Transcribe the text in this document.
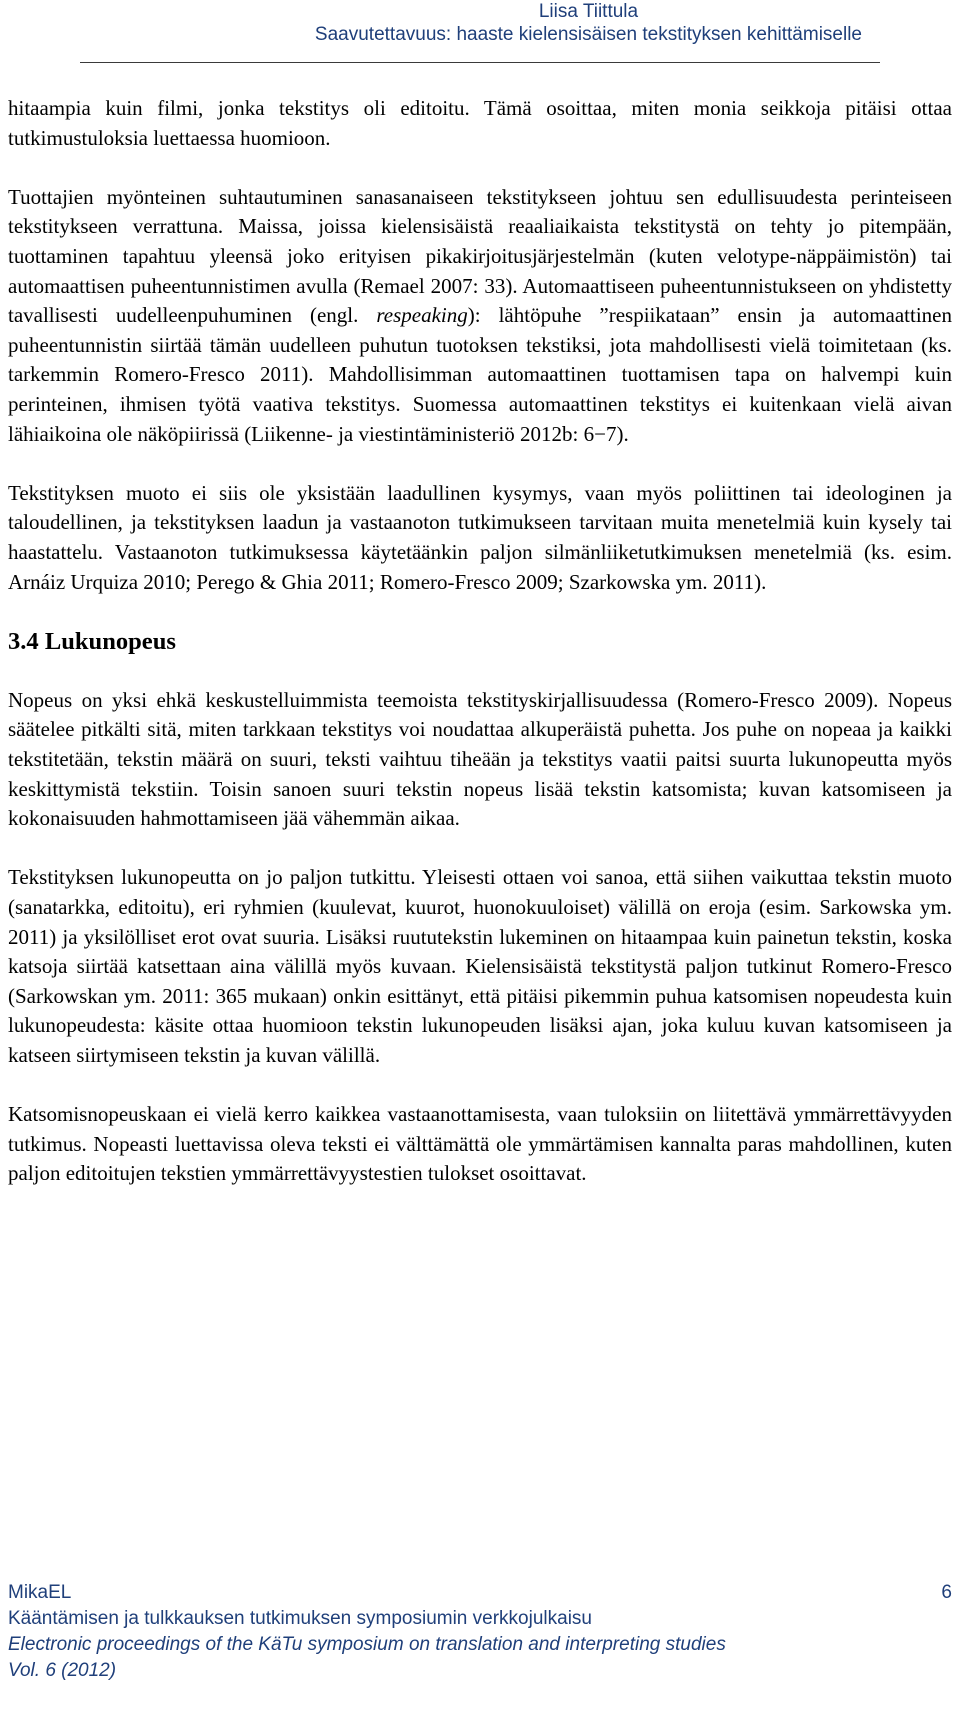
Liisa Tiittula
Saavutettavuus: haaste kielensisäisen tekstityksen kehittämiselle

hitaampia kuin filmi, jonka tekstitys oli editoitu. Tämä osoittaa, miten monia seikkoja pitäisi ottaa tutkimustuloksia luettaessa huomioon.

Tuottajien myönteinen suhtautuminen sanasanaiseen tekstitykseen johtuu sen edullisuudesta perinteiseen tekstitykseen verrattuna. Maissa, joissa kielensisäistä reaaliaikaista tekstitystä on tehty jo pitempään, tuottaminen tapahtuu yleensä joko erityisen pikakirjoitusjärjestelmän (kuten velotype-näppäimistön) tai automaattisen puheentunnistimen avulla (Remael 2007: 33). Automaattiseen puheentunnistukseen on yhdistetty tavallisesti uudelleenpuhuminen (engl. respeaking): lähtöpuhe ”respiikataan” ensin ja automaattinen puheentunnistin siirtää tämän uudelleen puhutun tuotoksen tekstiksi, jota mahdollisesti vielä toimitetaan (ks. tarkemmin Romero-Fresco 2011). Mahdollisimman automaattinen tuottamisen tapa on halvempi kuin perinteinen, ihmisen työtä vaativa tekstitys. Suomessa automaattinen tekstitys ei kuitenkaan vielä aivan lähiaikoina ole näköpiirissä (Liikenne- ja viestintäministeriö 2012b: 6−7).

Tekstityksen muoto ei siis ole yksistään laadullinen kysymys, vaan myös poliittinen tai ideologinen ja taloudellinen, ja tekstityksen laadun ja vastaanoton tutkimukseen tarvitaan muita menetelmiä kuin kysely tai haastattelu. Vastaanoton tutkimuksessa käytetäänkin paljon silmänliiketutkimuksen menetelmiä (ks. esim. Arnáiz Urquiza 2010; Perego & Ghia 2011; Romero-Fresco 2009; Szarkowska ym. 2011).

3.4 Lukunopeus

Nopeus on yksi ehkä keskustelluimmista teemoista tekstityskirjallisuudessa (Romero-Fresco 2009). Nopeus säätelee pitkälti sitä, miten tarkkaan tekstitys voi noudattaa alkuperäistä puhetta. Jos puhe on nopeaa ja kaikki tekstitetään, tekstin määrä on suuri, teksti vaihtuu tiheään ja tekstitys vaatii paitsi suurta lukunopeutta myös keskittymistä tekstiin. Toisin sanoen suuri tekstin nopeus lisää tekstin katsomista; kuvan katsomiseen ja kokonaisuuden hahmottamiseen jää vähemmän aikaa.

Tekstityksen lukunopeutta on jo paljon tutkittu. Yleisesti ottaen voi sanoa, että siihen vaikuttaa tekstin muoto (sanatarkka, editoitu), eri ryhmien (kuulevat, kuurot, huonokuuloiset) välillä on eroja (esim. Sarkowska ym. 2011) ja yksilölliset erot ovat suuria. Lisäksi ruututekstin lukeminen on hitaampaa kuin painetun tekstin, koska katsoja siirtää katsettaan aina välillä myös kuvaan. Kielensisäistä tekstitystä paljon tutkinut Romero-Fresco (Sarkowskan ym. 2011: 365 mukaan) onkin esittänyt, että pitäisi pikemmin puhua katsomisen nopeudesta kuin lukunopeudesta: käsite ottaa huomioon tekstin lukunopeuden lisäksi ajan, joka kuluu kuvan katsomiseen ja katseen siirtymiseen tekstin ja kuvan välillä.

Katsomisnopeuskaan ei vielä kerro kaikkea vastaanottamisesta, vaan tuloksiin on liitettävä ymmärrettävyyden tutkimus. Nopeasti luettavissa oleva teksti ei välttämättä ole ymmärtämisen kannalta paras mahdollinen, kuten paljon editoitujen tekstien ymmärrettävyystestien tulokset osoittavat.

MikaEL	6
Kääntämisen ja tulkkauksen tutkimuksen symposiumin verkkojulkaisu
Electronic proceedings of the KäTu symposium on translation and interpreting studies
Vol. 6 (2012)
